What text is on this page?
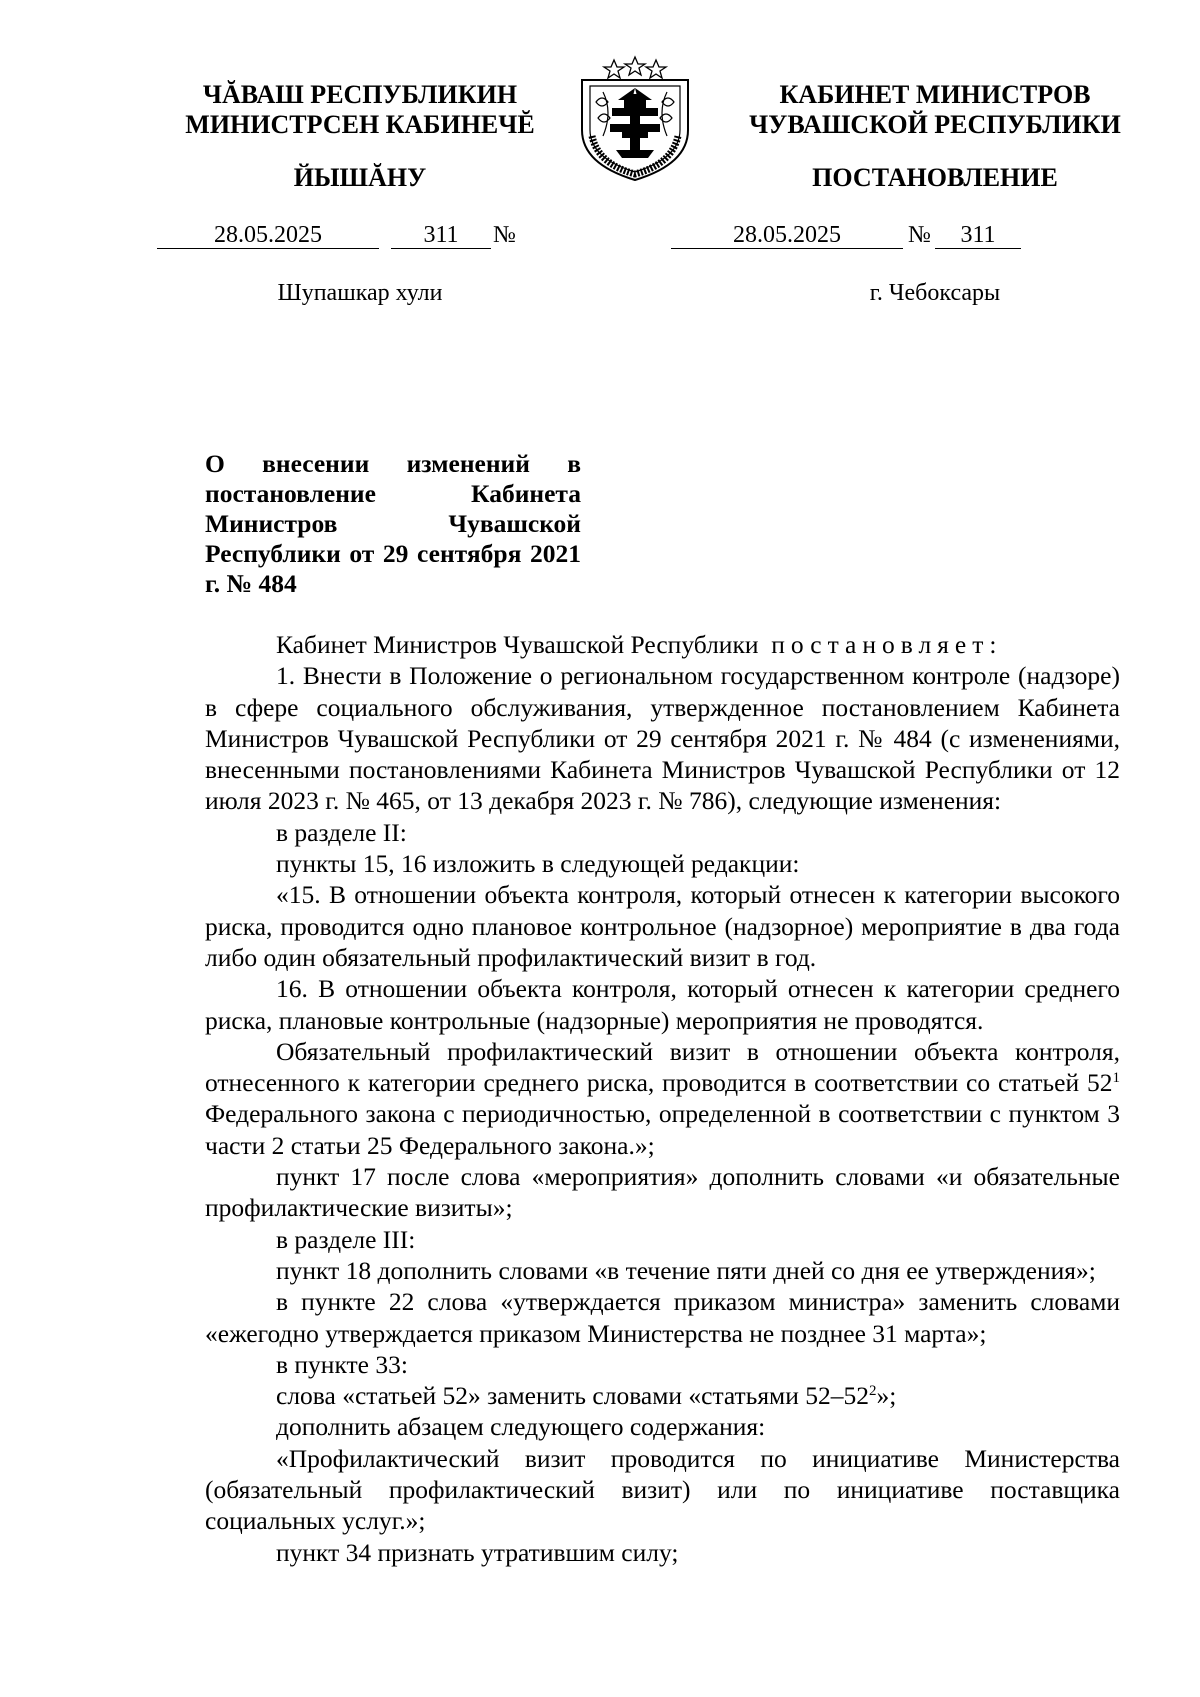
ЧĂВАШ РЕСПУБЛИКИН
МИНИСТРСЕН КАБИНЕЧĔ
ЙЫШĂНУ
КАБИНЕТ МИНИСТРОВ
ЧУВАШСКОЙ РЕСПУБЛИКИ
ПОСТАНОВЛЕНИЕ
28.05.2025	311	№	28.05.2025	№	311
Шупашкар хули	г. Чебоксары
О внесении изменений в постановление Кабинета Министров Чувашской Республики от 29 сентября 2021 г. № 484

Кабинет Министров Чувашской Республики постановляет:

1. Внести в Положение о региональном государственном контроле (надзоре) в сфере социального обслуживания, утвержденное постановлением Кабинета Министров Чувашской Республики от 29 сентября 2021 г. № 484 (с изменениями, внесенными постановлениями Кабинета Министров Чувашской Республики от 12 июля 2023 г. № 465, от 13 декабря 2023 г. № 786), следующие изменения:

в разделе II:

пункты 15, 16 изложить в следующей редакции:

«15. В отношении объекта контроля, который отнесен к категории высокого риска, проводится одно плановое контрольное (надзорное) мероприятие в два года либо один обязательный профилактический визит в год.

16. В отношении объекта контроля, который отнесен к категории среднего риска, плановые контрольные (надзорные) мероприятия не проводятся.

Обязательный профилактический визит в отношении объекта контроля, отнесенного к категории среднего риска, проводится в соответствии со статьей $52^1$ Федерального закона с периодичностью, определенной в соответствии с пунктом 3 части 2 статьи 25 Федерального закона.»;

пункт 17 после слова «мероприятия» дополнить словами «и обязательные профилактические визиты»;

в разделе III:

пункт 18 дополнить словами «в течение пяти дней со дня ее утверждения»;

в пункте 22 слова «утверждается приказом министра» заменить словами «ежегодно утверждается приказом Министерства не позднее 31 марта»;

в пункте 33:

слова «статьей 52» заменить словами «статьями $52-52^2$»;

дополнить абзацем следующего содержания:

«Профилактический визит проводится по инициативе Министерства (обязательный профилактический визит) или по инициативе поставщика социальных услуг.»;

пункт 34 признать утратившим силу;
